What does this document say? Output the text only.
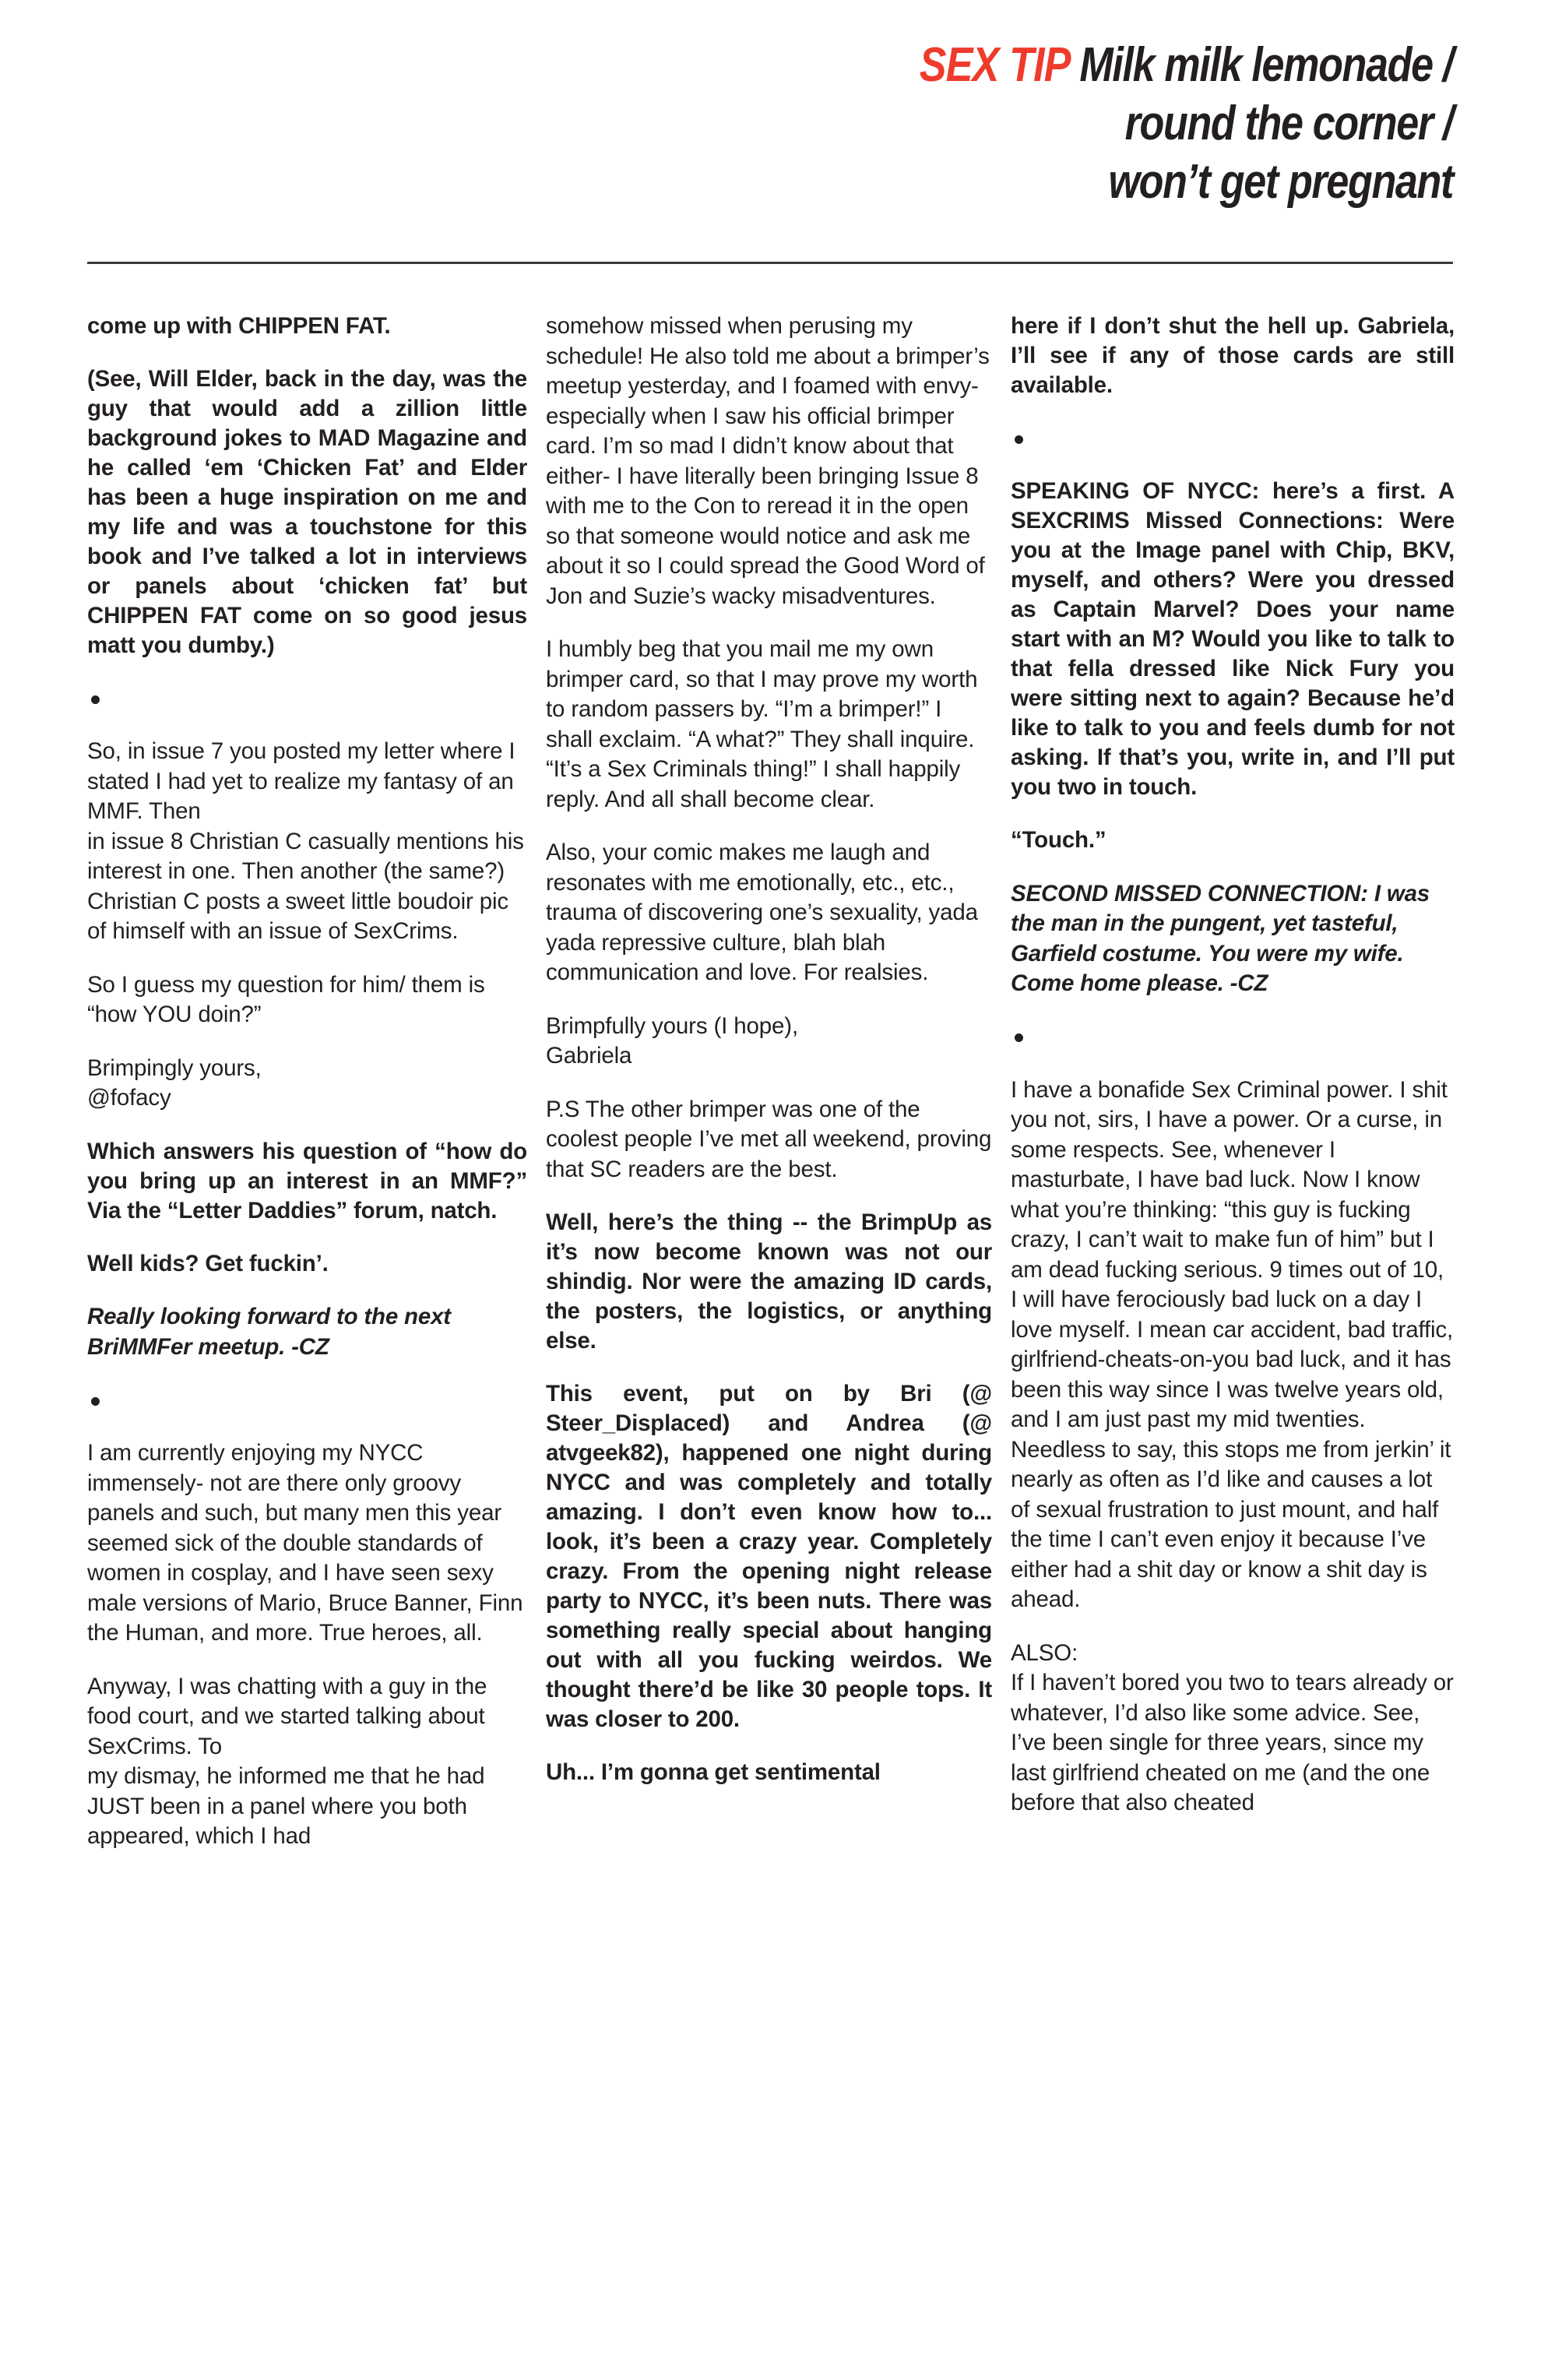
SEX TIP Milk milk lemonade /
round the corner /
won’t get pregnant

come up with CHIPPEN FAT.

(See, Will Elder, back in the day, was the guy that would add a zillion little background jokes to MAD Magazine and he called ‘em ‘Chicken Fat’ and Elder has been a huge inspiration on me and my life and was a touchstone for this book and I’ve talked a lot in interviews or panels about ‘chicken fat’ but CHIPPEN FAT come on so good jesus matt you dumby.)

So, in issue 7 you posted my letter where I stated I had yet to realize my fantasy of an MMF. Then
in issue 8 Christian C casually mentions his interest in one. Then another (the same?) Christian C posts a sweet little boudoir pic of himself with an issue of SexCrims.

So I guess my question for him/ them is “how YOU doin?”

Brimpingly yours,
@fofacy

Which answers his question of “how do you bring up an interest in an MMF?” Via the “Letter Daddies” forum, natch.

Well kids? Get fuckin’.

Really looking forward to the next BriMMFer meetup. -CZ

I am currently enjoying my NYCC immensely- not are there only groovy panels and such, but many men this year seemed sick of the double standards of women in cosplay, and I have seen sexy male versions of Mario, Bruce Banner, Finn the Human, and more. True heroes, all.

Anyway, I was chatting with a guy in the food court, and we started talking about SexCrims. To
my dismay, he informed me that he had JUST been in a panel where you both appeared, which I had

somehow missed when perusing my schedule! He also told me about a brimper’s meetup yesterday, and I foamed with envy- especially when I saw his official brimper card. I’m so mad I didn’t know about that either- I have literally been bringing Issue 8 with me to the Con to reread it in the open so that someone would notice and ask me about it so I could spread the Good Word of Jon and Suzie’s wacky misadventures.

I humbly beg that you mail me my own brimper card, so that I may prove my worth to random passers by. “I’m a brimper!” I shall exclaim. “A what?” They shall inquire. “It’s a Sex Criminals thing!” I shall happily reply. And all shall become clear.

Also, your comic makes me laugh and resonates with me emotionally, etc., etc., trauma of discovering one’s sexuality, yada yada repressive culture, blah blah communication and love. For realsies.

Brimpfully yours (I hope),
Gabriela

P.S The other brimper was one of the coolest people I’ve met all weekend, proving that SC readers are the best.

Well, here’s the thing -- the BrimpUp as it’s now become known was not our shindig. Nor were the amazing ID cards, the posters, the logistics, or anything else.

This event, put on by Bri (@ Steer_Displaced) and Andrea (@ atvgeek82), happened one night during NYCC and was completely and totally amazing. I don’t even know how to... look, it’s been a crazy year. Completely crazy. From the opening night release party to NYCC, it’s been nuts. There was something really special about hanging out with all you fucking weirdos. We thought there’d be like 30 people tops. It was closer to 200.

Uh... I’m gonna get sentimental

here if I don’t shut the hell up. Gabriela, I’ll see if any of those cards are still available.

SPEAKING OF NYCC: here’s a first. A SEXCRIMS Missed Connections: Were you at the Image panel with Chip, BKV, myself, and others? Were you dressed as Captain Marvel? Does your name start with an M? Would you like to talk to that fella dressed like Nick Fury you were sitting next to again? Because he’d like to talk to you and feels dumb for not asking. If that’s you, write in, and I’ll put you two in touch.

“Touch.”

SECOND MISSED CONNECTION: I was the man in the pungent, yet tasteful, Garfield costume. You were my wife. Come home please. -CZ

I have a bonafide Sex Criminal power. I shit you not, sirs, I have a power. Or a curse, in some respects. See, whenever I masturbate, I have bad luck. Now I know what you’re thinking: “this guy is fucking crazy, I can’t wait to make fun of him” but I am dead fucking serious. 9 times out of 10, I will have ferociously bad luck on a day I love myself. I mean car accident, bad traffic, girlfriend-cheats-on-you bad luck, and it has been this way since I was twelve years old, and I am just past my mid twenties. Needless to say, this stops me from jerkin’ it nearly as often as I’d like and causes a lot of sexual frustration to just mount, and half the time I can’t even enjoy it because I’ve either had a shit day or know a shit day is ahead.

ALSO:
If I haven’t bored you two to tears already or whatever, I’d also like some advice. See, I’ve been single for three years, since my last girlfriend cheated on me (and the one before that also cheated
